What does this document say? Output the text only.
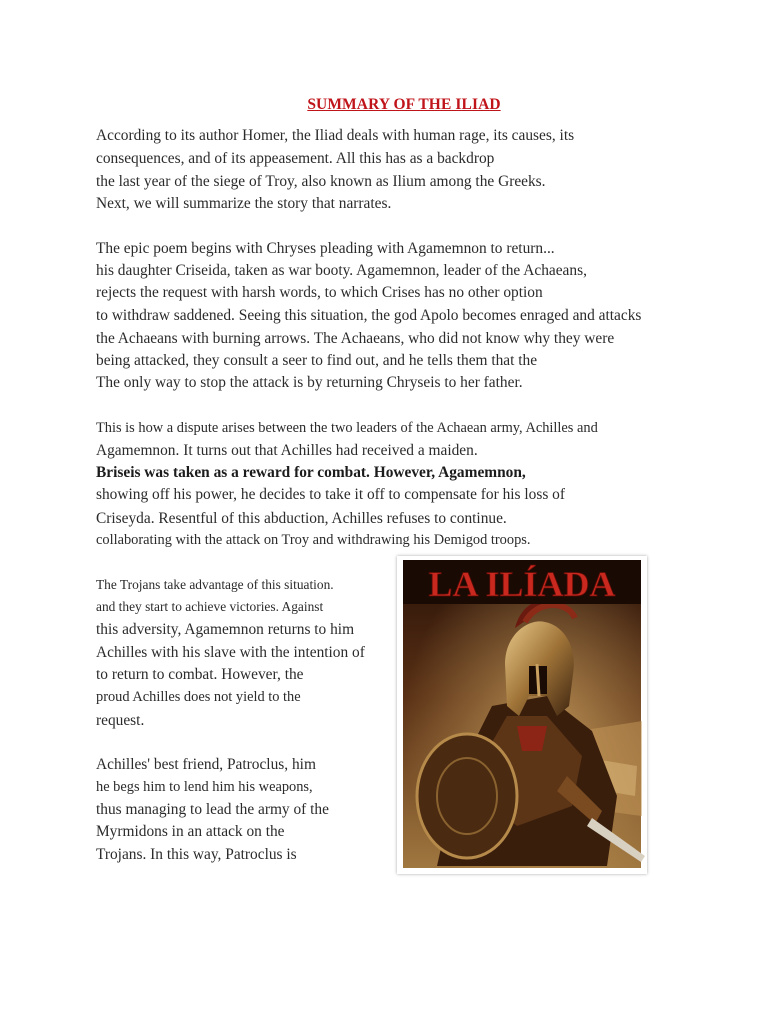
SUMMARY OF THE ILIAD
According to its author Homer, the Iliad deals with human rage, its causes, its
consequences, and of its appeasement. All this has as a backdrop
the last year of the siege of Troy, also known as Ilium among the Greeks.
Next, we will summarize the story that narrates.
The epic poem begins with Chryses pleading with Agamemnon to return...
his daughter Criseida, taken as war booty. Agamemnon, leader of the Achaeans,
rejects the request with harsh words, to which Crises has no other option
to withdraw saddened. Seeing this situation, the god Apolo becomes enraged and attacks
the Achaeans with burning arrows. The Achaeans, who did not know why they were
being attacked, they consult a seer to find out, and he tells them that the
The only way to stop the attack is by returning Chryseis to her father.
This is how a dispute arises between the two leaders of the Achaean army, Achilles and
Agamemnon. It turns out that Achilles had received a maiden.
Briseis was taken as a reward for combat. However, Agamemnon,
showing off his power, he decides to take it off to compensate for his loss of
Criseyda. Resentful of this abduction, Achilles refuses to continue.
collaborating with the attack on Troy and withdrawing his Demigod troops.
The Trojans take advantage of this situation.
and they start to achieve victories. Against
this adversity, Agamemnon returns to him
Achilles with his slave with the intention of
to return to combat. However, the
proud Achilles does not yield to the
request.
Achilles' best friend, Patroclus, him
he begs him to lend him his weapons,
thus managing to lead the army of the
Myrmidons in an attack on the
Trojans. In this way, Patroclus is
LA ILÍADA
